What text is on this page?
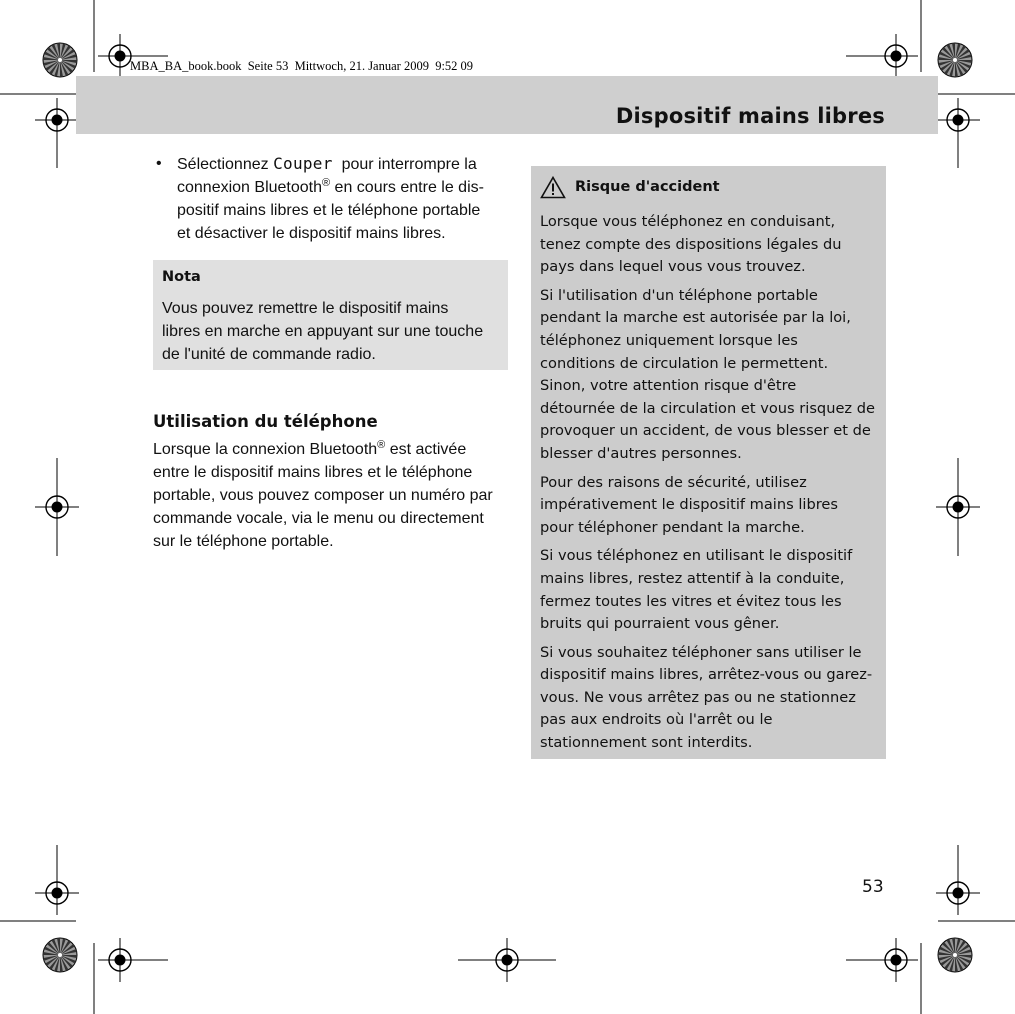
MBA_BA_book.book  Seite 53  Mittwoch, 21. Januar 2009  9:52 09
Dispositif mains libres
• Sélectionnez Couper pour interrompre la
connexion Bluetooth® en cours entre le dis-
positif mains libres et le téléphone portable
et désactiver le dispositif mains libres.
Nota
Vous pouvez remettre le dispositif mains
libres en marche en appuyant sur une touche
de l'unité de commande radio.
Utilisation du téléphone
Lorsque la connexion Bluetooth® est activée
entre le dispositif mains libres et le téléphone
portable, vous pouvez composer un numéro par
commande vocale, via le menu ou directement
sur le téléphone portable.
Risque d'accident

Lorsque vous téléphonez en conduisant,
tenez compte des dispositions légales du
pays dans lequel vous vous trouvez.

Si l'utilisation d'un téléphone portable
pendant la marche est autorisée par la loi,
téléphonez uniquement lorsque les
conditions de circulation le permettent.
Sinon, votre attention risque d'être
détournée de la circulation et vous risquez de
provoquer un accident, de vous blesser et de
blesser d'autres personnes.

Pour des raisons de sécurité, utilisez
impérativement le dispositif mains libres
pour téléphoner pendant la marche.

Si vous téléphonez en utilisant le dispositif
mains libres, restez attentif à la conduite,
fermez toutes les vitres et évitez tous les
bruits qui pourraient vous gêner.

Si vous souhaitez téléphoner sans utiliser le
dispositif mains libres, arrêtez-vous ou garez-
vous. Ne vous arrêtez pas ou ne stationnez
pas aux endroits où l'arrêt ou le
stationnement sont interdits.

53
